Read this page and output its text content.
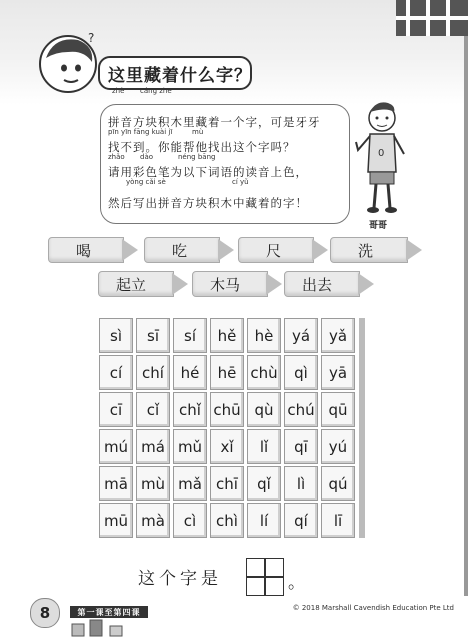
?
这里藏着什么字？
zhè cáng zhe
拼音方块积木里藏着一个字，可是牙牙
pīn yīn fāng kuài jī	mù
找不到。你能帮他找出这个字吗？
zhǎo dào	néng bāng
请用彩色笔为以下词语的读音上色，
yòng cǎi sè	cí yǔ
然后写出拼音方块积木中藏着的字！
0
哥哥
喝	吃	尺	洗
起立	木马	出去
sì sī sí hě hè yá yǎ
cí chí hé hē chù qì yā
cī cǐ chǐ chū qù chú qū
mú má mǔ xǐ lǐ qī yú
mā mù mǎ chī qǐ lì qú
mū mà cì chì lí qí lī
这个字是	。
8	第一课至第四课	© 2018 Marshall Cavendish Education Pte Ltd
